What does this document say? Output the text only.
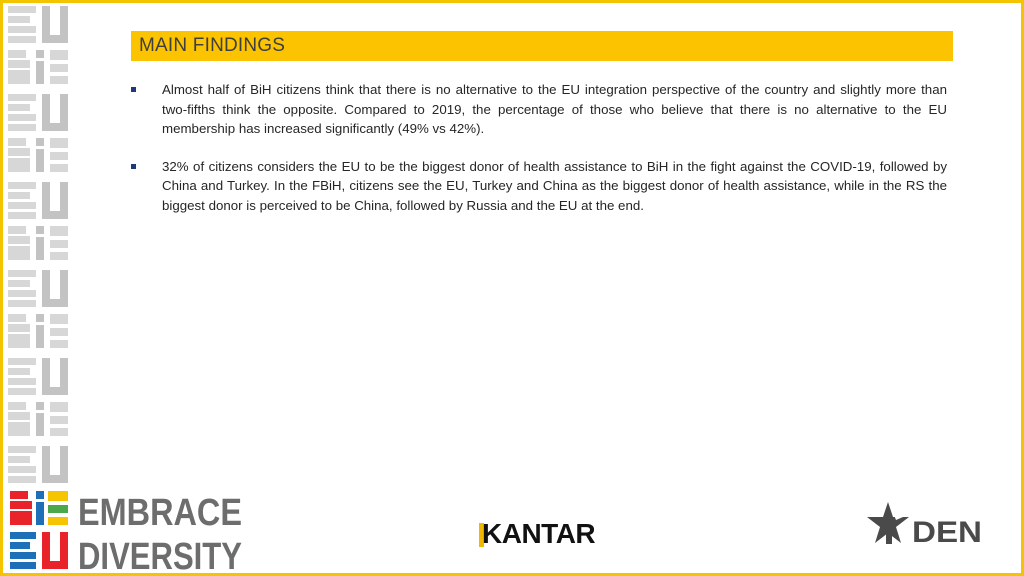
MAIN FINDINGS
Almost half of BiH citizens think that there is no alternative to the EU integration perspective of the country and slightly more than two-fifths think the opposite. Compared to 2019, the percentage of those who believe that there is no alternative to the EU membership has increased significantly (49% vs 42%).
32% of citizens considers the EU to be the biggest donor of health assistance to BiH in the fight against the COVID-19, followed by China and Turkey. In the FBiH, citizens see the EU, Turkey and China as the biggest donor of health assistance, while in the RS the biggest donor is perceived to be China, followed by Russia and the EU at the end.
EMBRACE
DIVERSITY
KANTAR	DEN
